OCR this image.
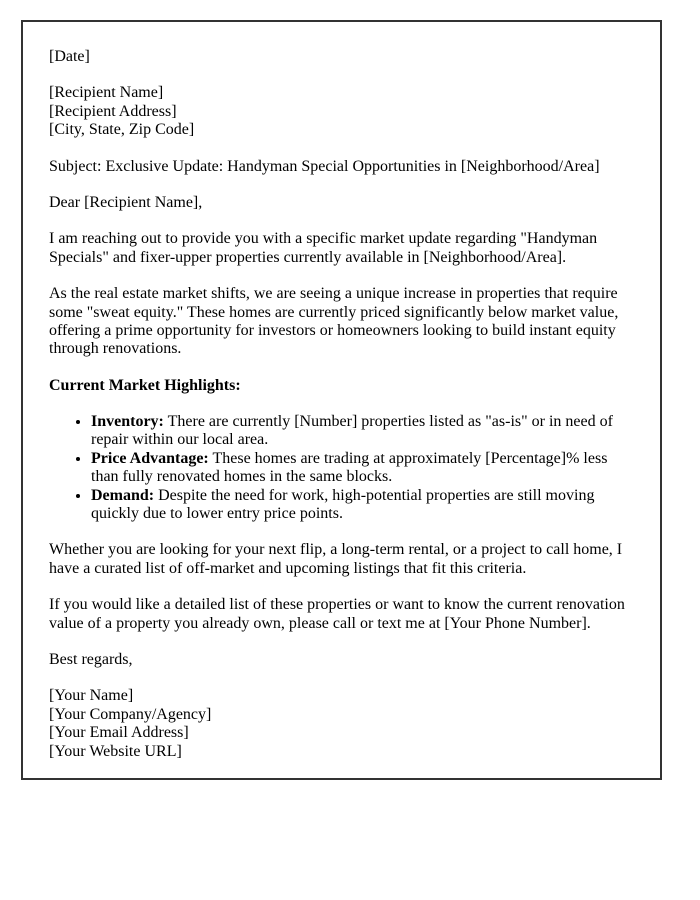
[Date]

[Recipient Name]
[Recipient Address]
[City, State, Zip Code]

Subject: Exclusive Update: Handyman Special Opportunities in [Neighborhood/Area]

Dear [Recipient Name],

I am reaching out to provide you with a specific market update regarding "Handyman Specials" and fixer-upper properties currently available in [Neighborhood/Area].

As the real estate market shifts, we are seeing a unique increase in properties that require some "sweat equity." These homes are currently priced significantly below market value, offering a prime opportunity for investors or homeowners looking to build instant equity through renovations.

Current Market Highlights:

• Inventory: There are currently [Number] properties listed as "as-is" or in need of repair within our local area.
• Price Advantage: These homes are trading at approximately [Percentage]% less than fully renovated homes in the same blocks.
• Demand: Despite the need for work, high-potential properties are still moving quickly due to lower entry price points.

Whether you are looking for your next flip, a long-term rental, or a project to call home, I have a curated list of off-market and upcoming listings that fit this criteria.

If you would like a detailed list of these properties or want to know the current renovation value of a property you already own, please call or text me at [Your Phone Number].

Best regards,

[Your Name]
[Your Company/Agency]
[Your Email Address]
[Your Website URL]
